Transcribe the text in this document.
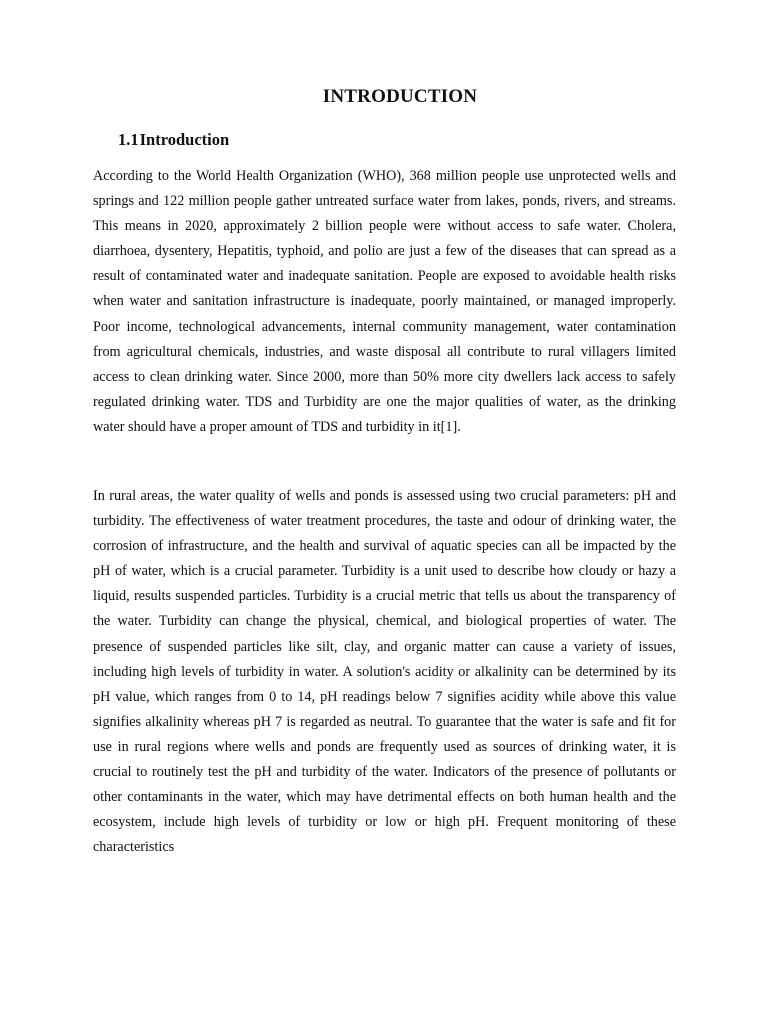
INTRODUCTION
1.1Introduction

According to the World Health Organization (WHO), 368 million people use unprotected wells and springs and 122 million people gather untreated surface water from lakes, ponds, rivers, and streams. This means in 2020, approximately 2 billion people were without access to safe water. Cholera, diarrhoea, dysentery, Hepatitis, typhoid, and polio are just a few of the diseases that can spread as a result of contaminated water and inadequate sanitation. People are exposed to avoidable health risks when water and sanitation infrastructure is inadequate, poorly maintained, or managed improperly. Poor income, technological advancements, internal community management, water contamination from agricultural chemicals, industries, and waste disposal all contribute to rural villagers limited access to clean drinking water. Since 2000, more than 50% more city dwellers lack access to safely regulated drinking water. TDS and Turbidity are one the major qualities of water, as the drinking water should have a proper amount of TDS and turbidity in it[1].

In rural areas, the water quality of wells and ponds is assessed using two crucial parameters: pH and turbidity. The effectiveness of water treatment procedures, the taste and odour of drinking water, the corrosion of infrastructure, and the health and survival of aquatic species can all be impacted by the pH of water, which is a crucial parameter. Turbidity is a unit used to describe how cloudy or hazy a liquid, results suspended particles. Turbidity is a crucial metric that tells us about the transparency of the water. Turbidity can change the physical, chemical, and biological properties of water. The presence of suspended particles like silt, clay, and organic matter can cause a variety of issues, including high levels of turbidity in water. A solution's acidity or alkalinity can be determined by its pH value, which ranges from 0 to 14, pH readings below 7 signifies acidity while above this value signifies alkalinity whereas pH 7 is regarded as neutral. To guarantee that the water is safe and fit for use in rural regions where wells and ponds are frequently used as sources of drinking water, it is crucial to routinely test the pH and turbidity of the water. Indicators of the presence of pollutants or other contaminants in the water, which may have detrimental effects on both human health and the ecosystem, include high levels of turbidity or low or high pH. Frequent monitoring of these characteristics
